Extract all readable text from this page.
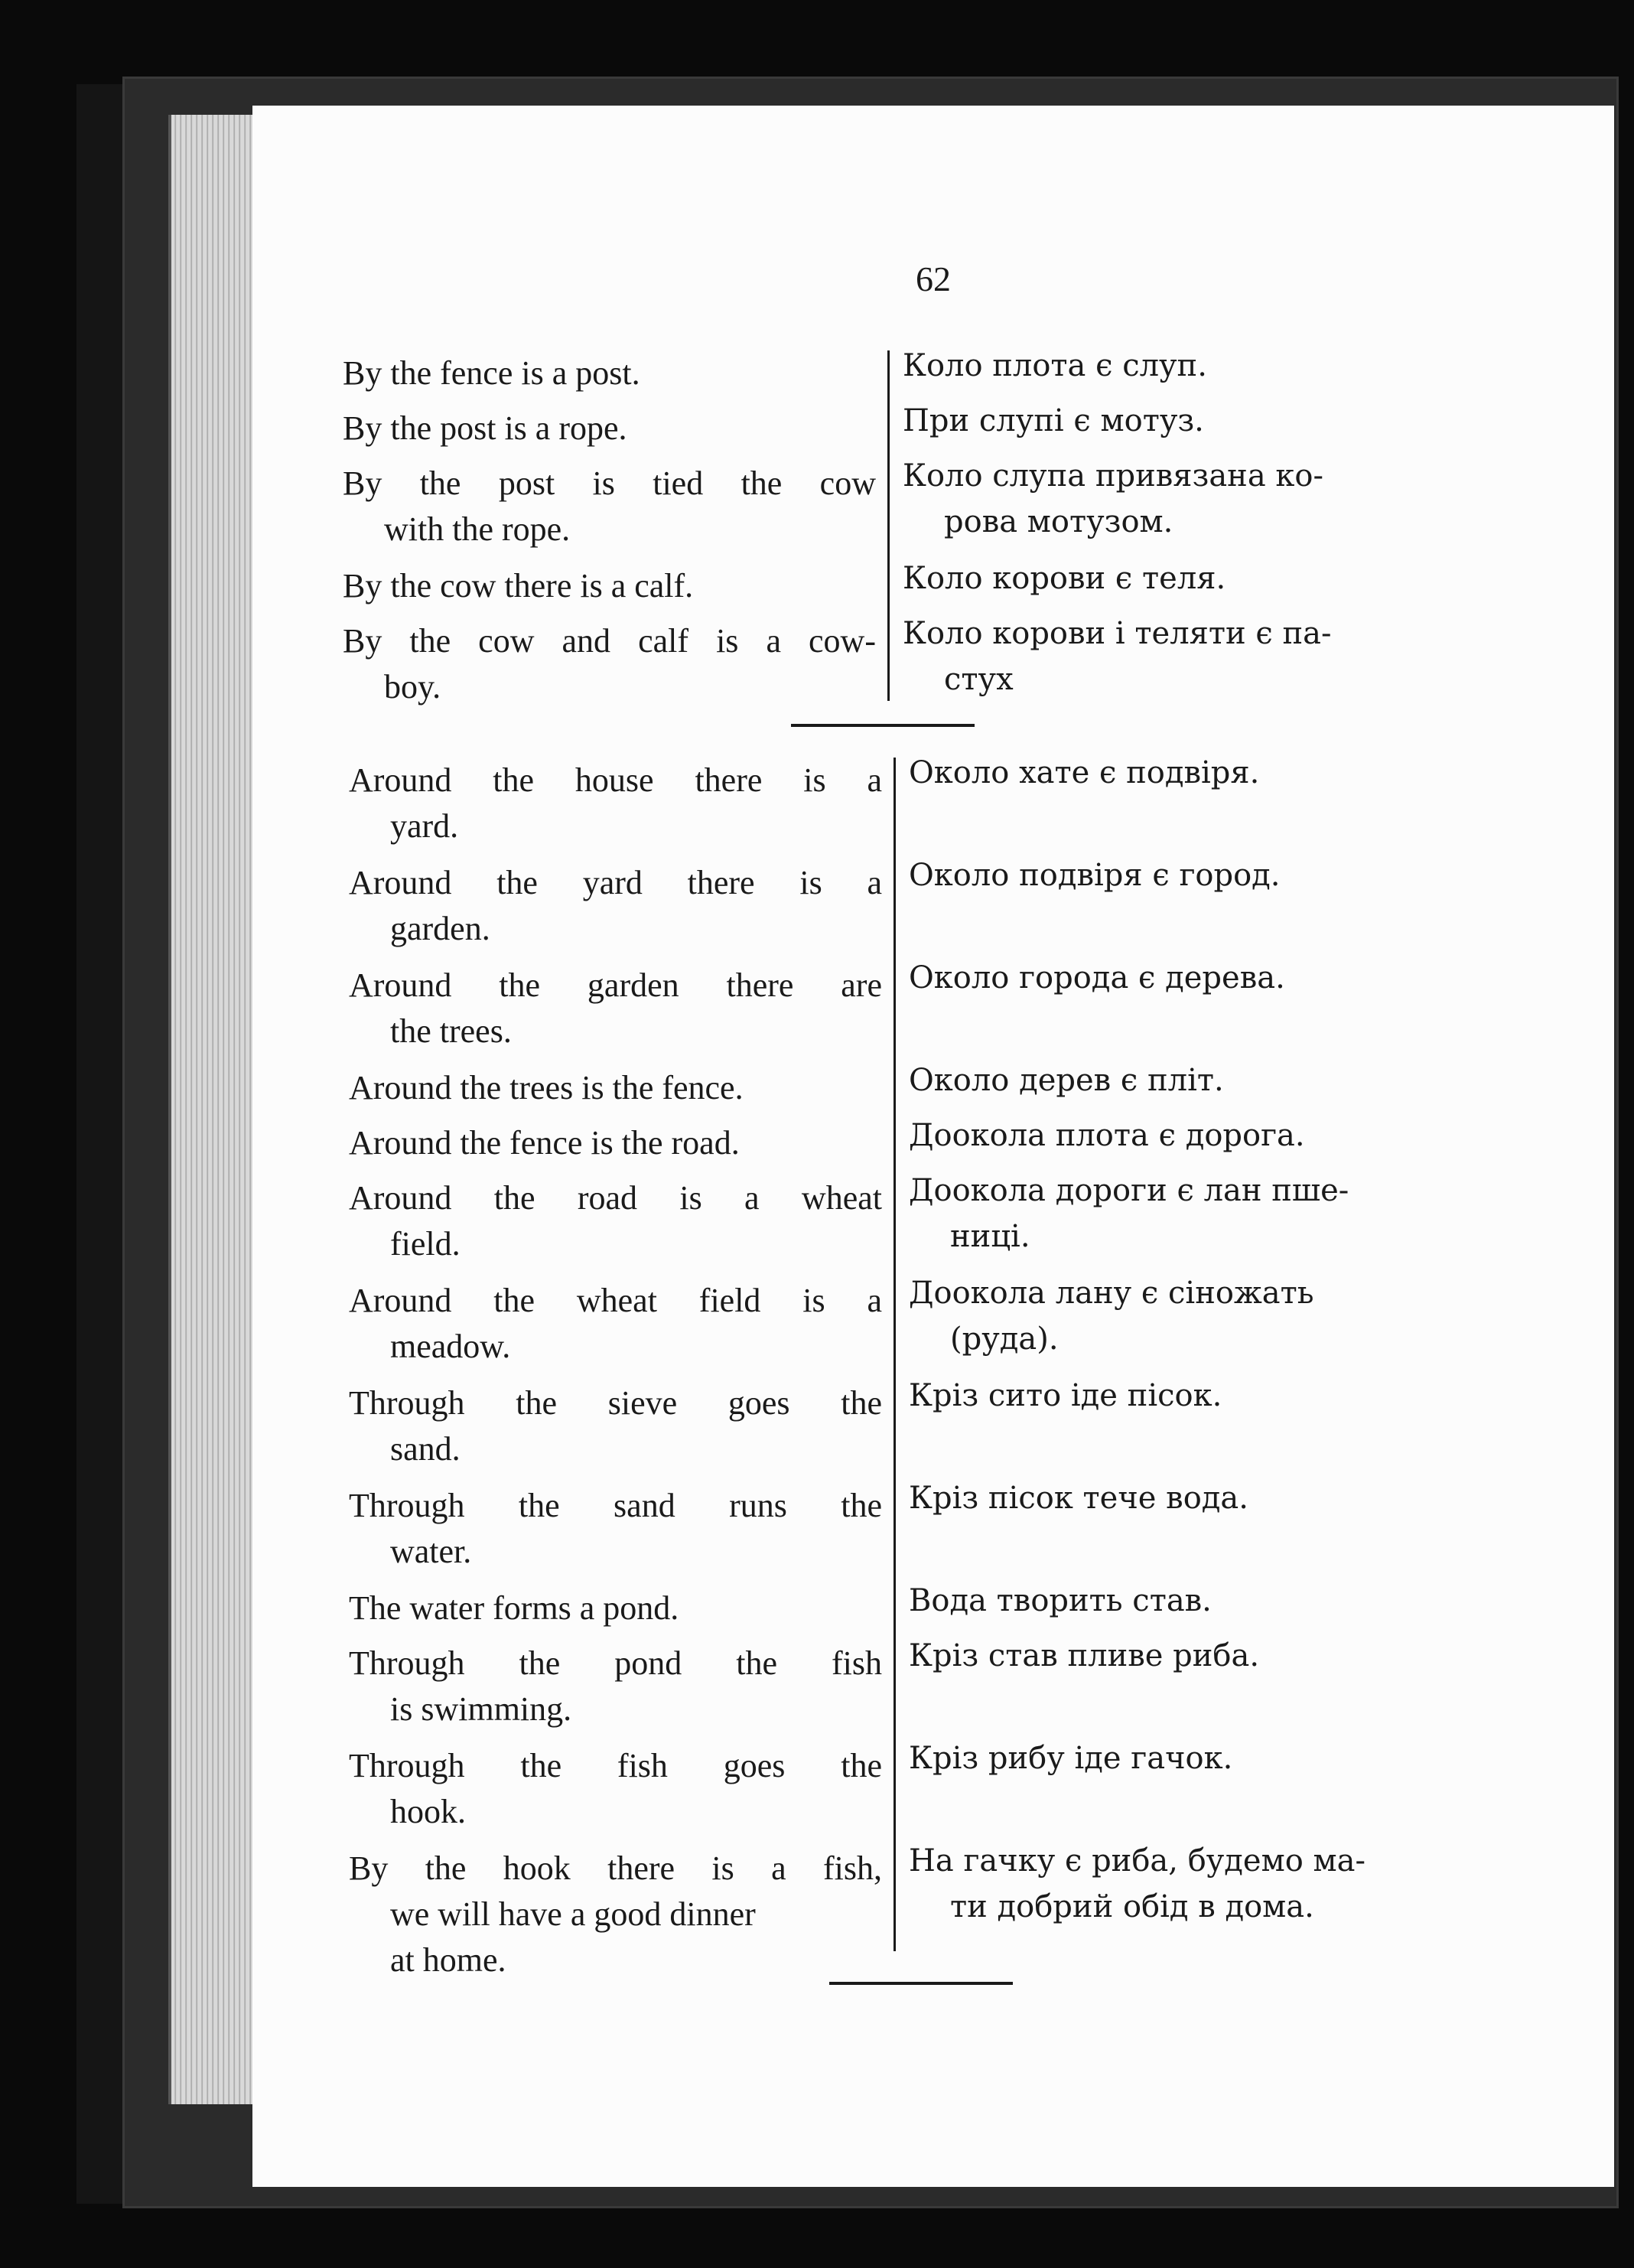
62
By the fence is a post.
By the post is a rope.
By the post is tied the cow
with the rope.
By the cow there is a calf.
By the cow and calf is a cow-
boy.
Коло плота є слуп.
При слупі є мотуз.
Коло слупа привязана ко-
рова мотузом.
Коло корови є теля.
Коло корови і теляти є па-
стух
Around the house there is a
yard.
Around the yard there is a
garden.
Around the garden there are
the trees.
Around the trees is the fence.
Around the fence is the road.
Around the road is a wheat
field.
Around the wheat field is a
meadow.
Through the sieve goes the
sand.
Through the sand runs the
water.
The water forms a pond.
Through the pond the fish
is swimming.
Through the fish goes the
hook.
By the hook there is a fish,
we will have a good dinner
at home.
Около хате є подвіря.
Около подвіря є город.
Около города є дерева.
Около дерев є пліт.
Доокола плота є дорога.
Доокола дороги є лан пше-
ниці.
Доокола лану є сіножать
(руда).
Кріз сито іде пісок.
Кріз пісок тече вода.
Вода творить став.
Кріз став пливе риба.
Кріз рибу іде гачок.
На гачку є риба, будемо ма-
ти добрий обід в дома.
